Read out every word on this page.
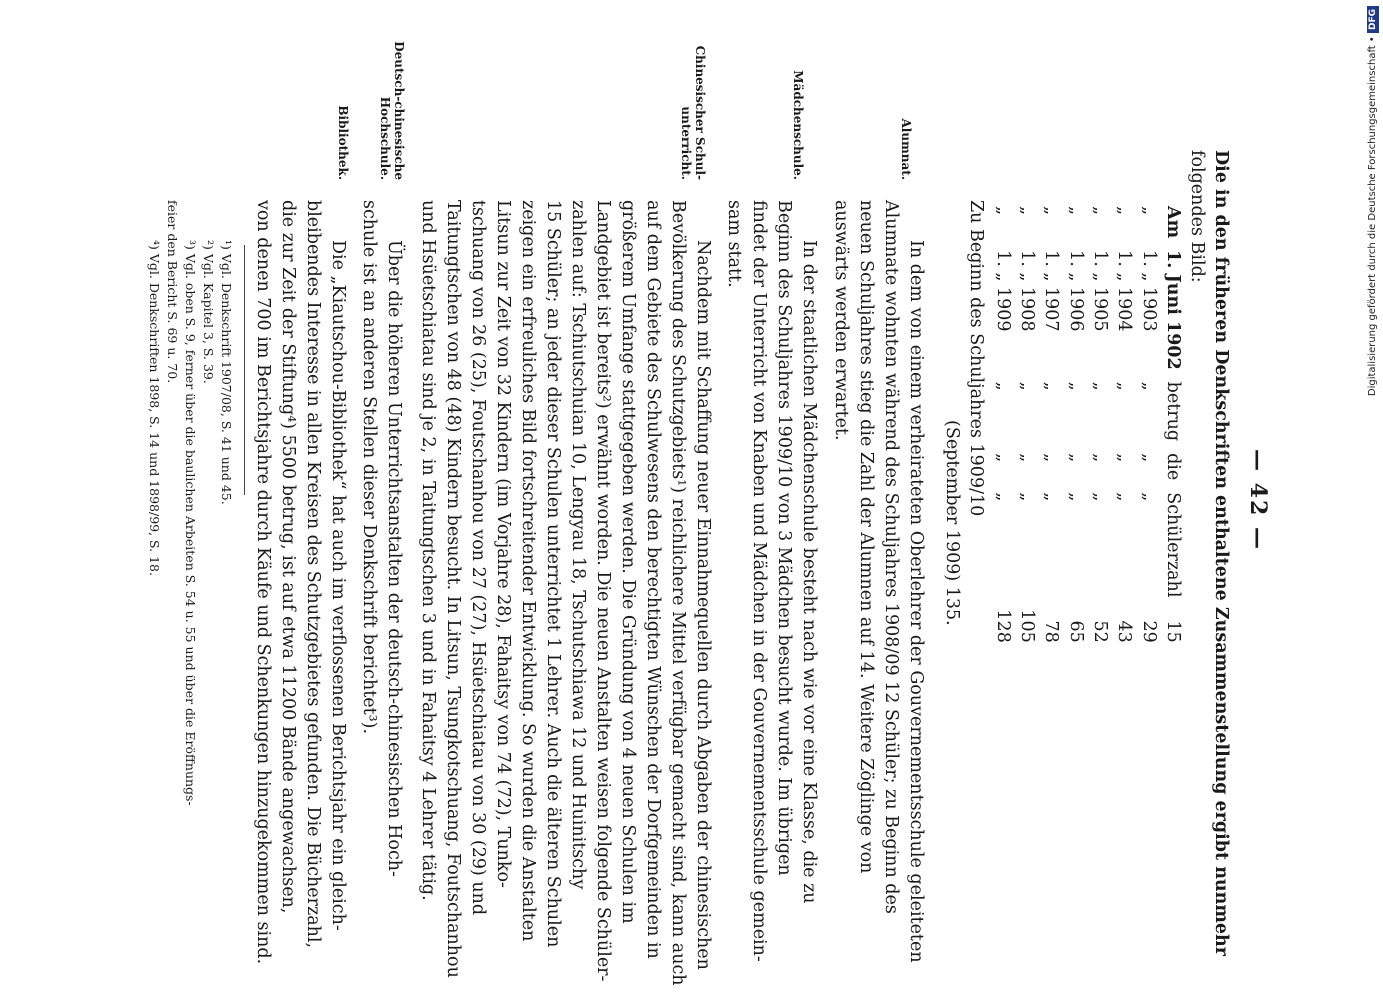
— 42 —
Die in den früheren Denkschriften enthaltene Zusammenstellung ergibt nunmehr
folgendes Bild:
Am	1. Juni 1902	betrug	die	Schülerzahl	15
„	1. „ 1903	„	„	„	29
„	1. „ 1904	„	„	„	43
„	1. „ 1905	„	„	„	52
„	1. „ 1906	„	„	„	65
„	1. „ 1907	„	„	„	78
„	1. „ 1908	„	„	„	105
„	1. „ 1909	„	„	„	128
Zu Beginn des Schuljahres 1909/10
(September 1909) 135.
Alumnat.
Mädchenschule.
Chinesischer Schul-
unterricht.
Deutsch-chinesische
Hochschule.
Bibliothek.
In dem von einem verheirateten Oberlehrer der Gouvernementsschule geleiteten
Alumnate wohnten während des Schuljahres 1908/09 12 Schüler; zu Beginn des
neuen Schuljahres stieg die Zahl der Alumnen auf 14. Weitere Zöglinge von
auswärts werden erwartet.
In der staatlichen Mädchenschule besteht nach wie vor eine Klasse, die zu
Beginn des Schuljahres 1909/10 von 3 Mädchen besucht wurde. Im übrigen
findet der Unterricht von Knaben und Mädchen in der Gouvernementsschule gemein-
sam statt.
Nachdem mit Schaffung neuer Einnahmequellen durch Abgaben der chinesischen
Bevölkerung des Schutzgebiets¹) reichlichere Mittel verfügbar gemacht sind, kann auch
auf dem Gebiete des Schulwesens den berechtigten Wünschen der Dorfgemeinden in
größerem Umfange stattgegeben werden. Die Gründung von 4 neuen Schulen im
Landgebiet ist bereits²) erwähnt worden. Die neuen Anstalten weisen folgende Schüler-
zahlen auf: Tschiutschuian 10, Lengyau 18, Tschutschiawa 12 und Huinitschy
15 Schüler; an jeder dieser Schulen unterrichtet 1 Lehrer. Auch die älteren Schulen
zeigen ein erfreuliches Bild fortschreitender Entwicklung. So wurden die Anstalten
Litsun zur Zeit von 32 Kindern (im Vorjahre 28), Fahaitsy von 74 (72), Tunko-
tschuang von 26 (25), Foutschanhou von 27 (27), Hsüetschiatau von 30 (29) und
Taitungtschen von 48 (48) Kindern besucht. In Litsun, Tsungkotschuang, Foutschanhou
und Hsüetschiatau sind je 2, in Taitungtschen 3 und in Fahaitsy 4 Lehrer tätig.
Über die höheren Unterrichtsanstalten der deutsch-chinesischen Hoch-
schule ist an anderen Stellen dieser Denkschrift berichtet³).
Die „Kiautschou-Bibliothek“ hat auch im verflossenen Berichtsjahr ein gleich-
bleibendes Interesse in allen Kreisen des Schutzgebietes gefunden. Die Bücherzahl,
die zur Zeit der Stiftung⁴) 5500 betrug, ist auf etwa 11200 Bände angewachsen,
von denen 700 im Berichtsjahre durch Käufe und Schenkungen hinzugekommen sind.
¹) Vgl. Denkschrift 1907/08, S. 41 und 45.
²) Vgl. Kapitel 3, S. 39.
³) Vgl. oben S. 9, ferner über die baulichen Arbeiten S. 54 u. 55 und über die Eröffnungs-
feier den Bericht S. 69 u. 70.
⁴) Vgl. Denkschriften 1898, S. 14 und 1898/99, S. 18.
Digitalisierung gefördert durch die Deutsche Forschungsgemeinschaft • DFG
